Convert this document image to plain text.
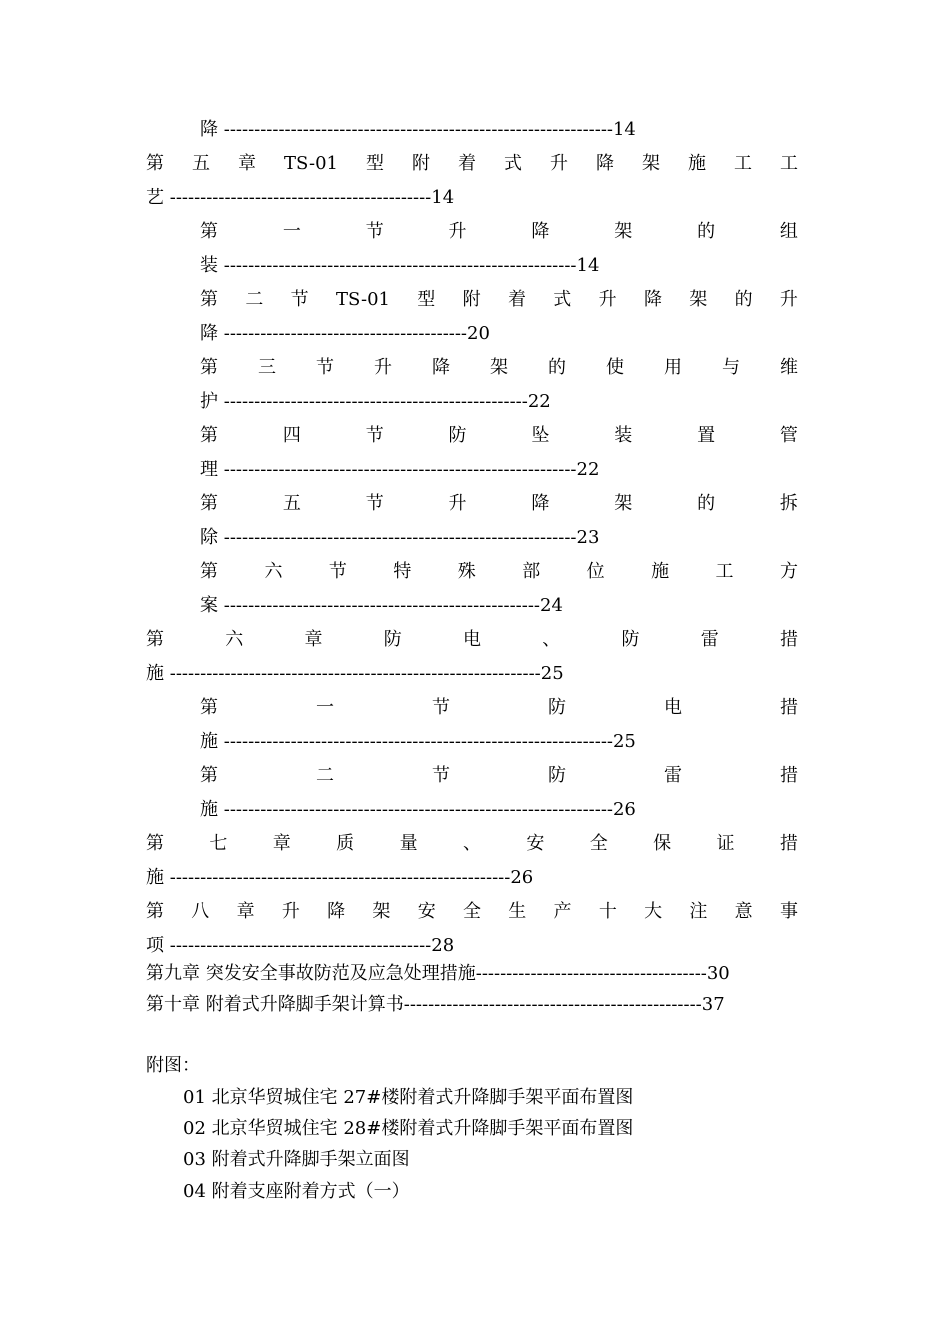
降 ----------------------------------------------------------------14
第 五 章 TS-01 型 附 着 式 升 降 架 施 工 工
艺 -------------------------------------------14
第	一	节	升	降	架	的	组
装 ----------------------------------------------------------14
第 二 节 TS-01 型 附 着 式 升 降 架 的 升
降 ----------------------------------------20
第 三 节 升 降 架 的 使 用 与 维
护 --------------------------------------------------22
第	四	节	防	坠	装	置	管
理 ----------------------------------------------------------22
第	五	节	升	降	架	的	拆
除 ----------------------------------------------------------23
第	六	节	特	殊	部	位	施	工	方
案 ----------------------------------------------------24
第	六	章	防	电	、	防	雷	措
施 -------------------------------------------------------------25
第	一	节	防	电	措
施 ----------------------------------------------------------------25
第	二	节	防	雷	措
施 ----------------------------------------------------------------26
第	七	章	质	量	、	安	全	保	证	措
施 --------------------------------------------------------26
第 八 章 升 降 架 安 全 生 产 十 大 注 意 事
项 -------------------------------------------28
第九章 突发安全事故防范及应急处理措施--------------------------------------30
第十章 附着式升降脚手架计算书-------------------------------------------------37
附图：
01 北京华贸城住宅 27#楼附着式升降脚手架平面布置图
02 北京华贸城住宅 28#楼附着式升降脚手架平面布置图
03 附着式升降脚手架立面图
04 附着支座附着方式（一）
